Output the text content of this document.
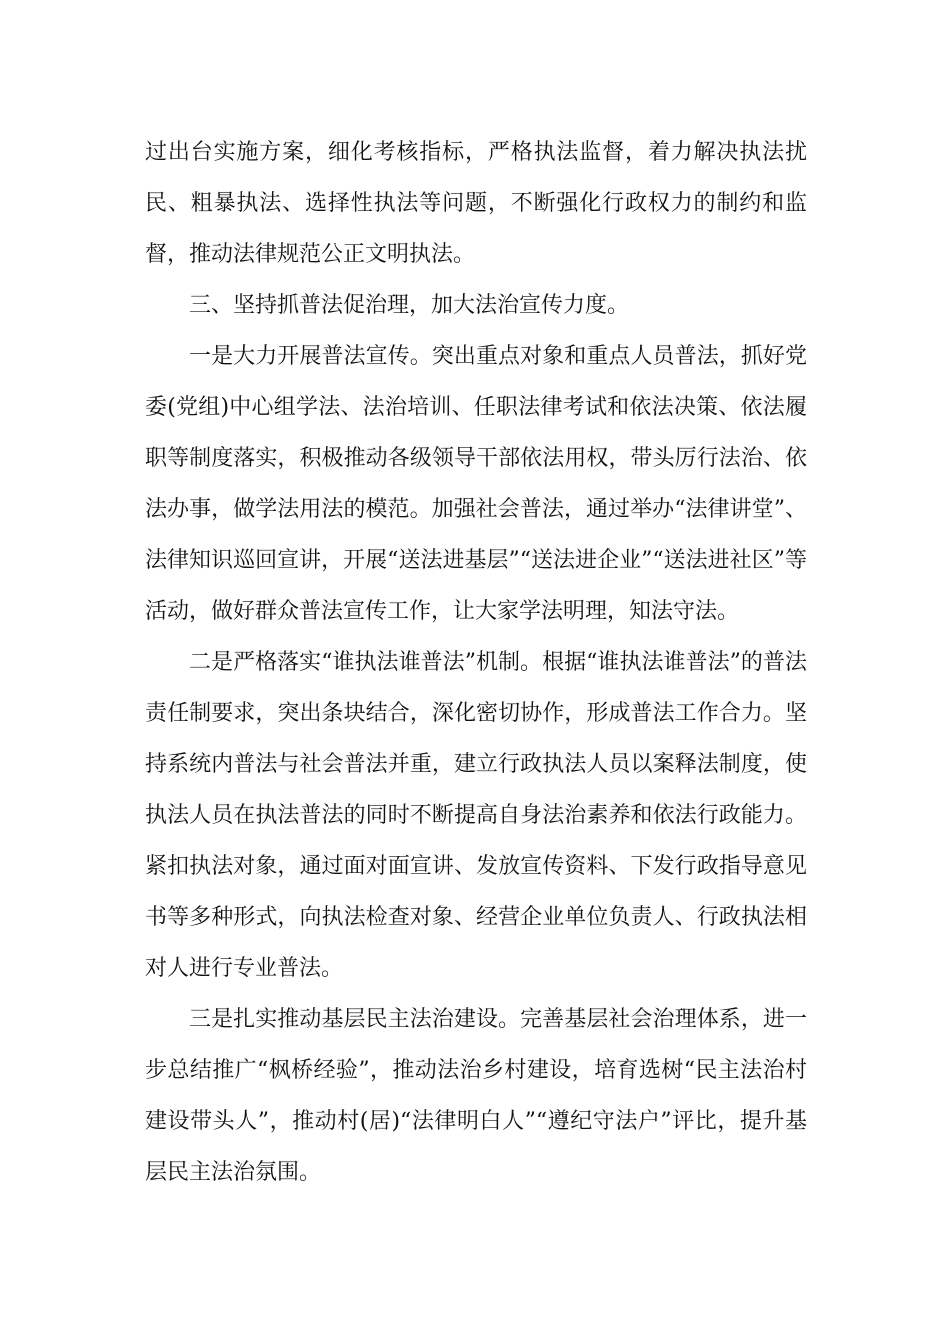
过出台实施方案，细化考核指标，严格执法监督，着力解决执法扰民、粗暴执法、选择性执法等问题，不断强化行政权力的制约和监督，推动法律规范公正文明执法。

三、坚持抓普法促治理，加大法治宣传力度。

一是大力开展普法宣传。突出重点对象和重点人员普法，抓好党委(党组)中心组学法、法治培训、任职法律考试和依法决策、依法履职等制度落实，积极推动各级领导干部依法用权，带头厉行法治、依法办事，做学法用法的模范。加强社会普法，通过举办“法律讲堂”、法律知识巡回宣讲，开展“送法进基层”“送法进企业”“送法进社区”等活动，做好群众普法宣传工作，让大家学法明理，知法守法。

二是严格落实“谁执法谁普法”机制。根据“谁执法谁普法”的普法责任制要求，突出条块结合，深化密切协作，形成普法工作合力。坚持系统内普法与社会普法并重，建立行政执法人员以案释法制度，使执法人员在执法普法的同时不断提高自身法治素养和依法行政能力。紧扣执法对象，通过面对面宣讲、发放宣传资料、下发行政指导意见书等多种形式，向执法检查对象、经营企业单位负责人、行政执法相对人进行专业普法。

三是扎实推动基层民主法治建设。完善基层社会治理体系，进一步总结推广“枫桥经验”，推动法治乡村建设，培育选树“民主法治村建设带头人”，推动村(居)“法律明白人”“遵纪守法户”评比，提升基层民主法治氛围。
